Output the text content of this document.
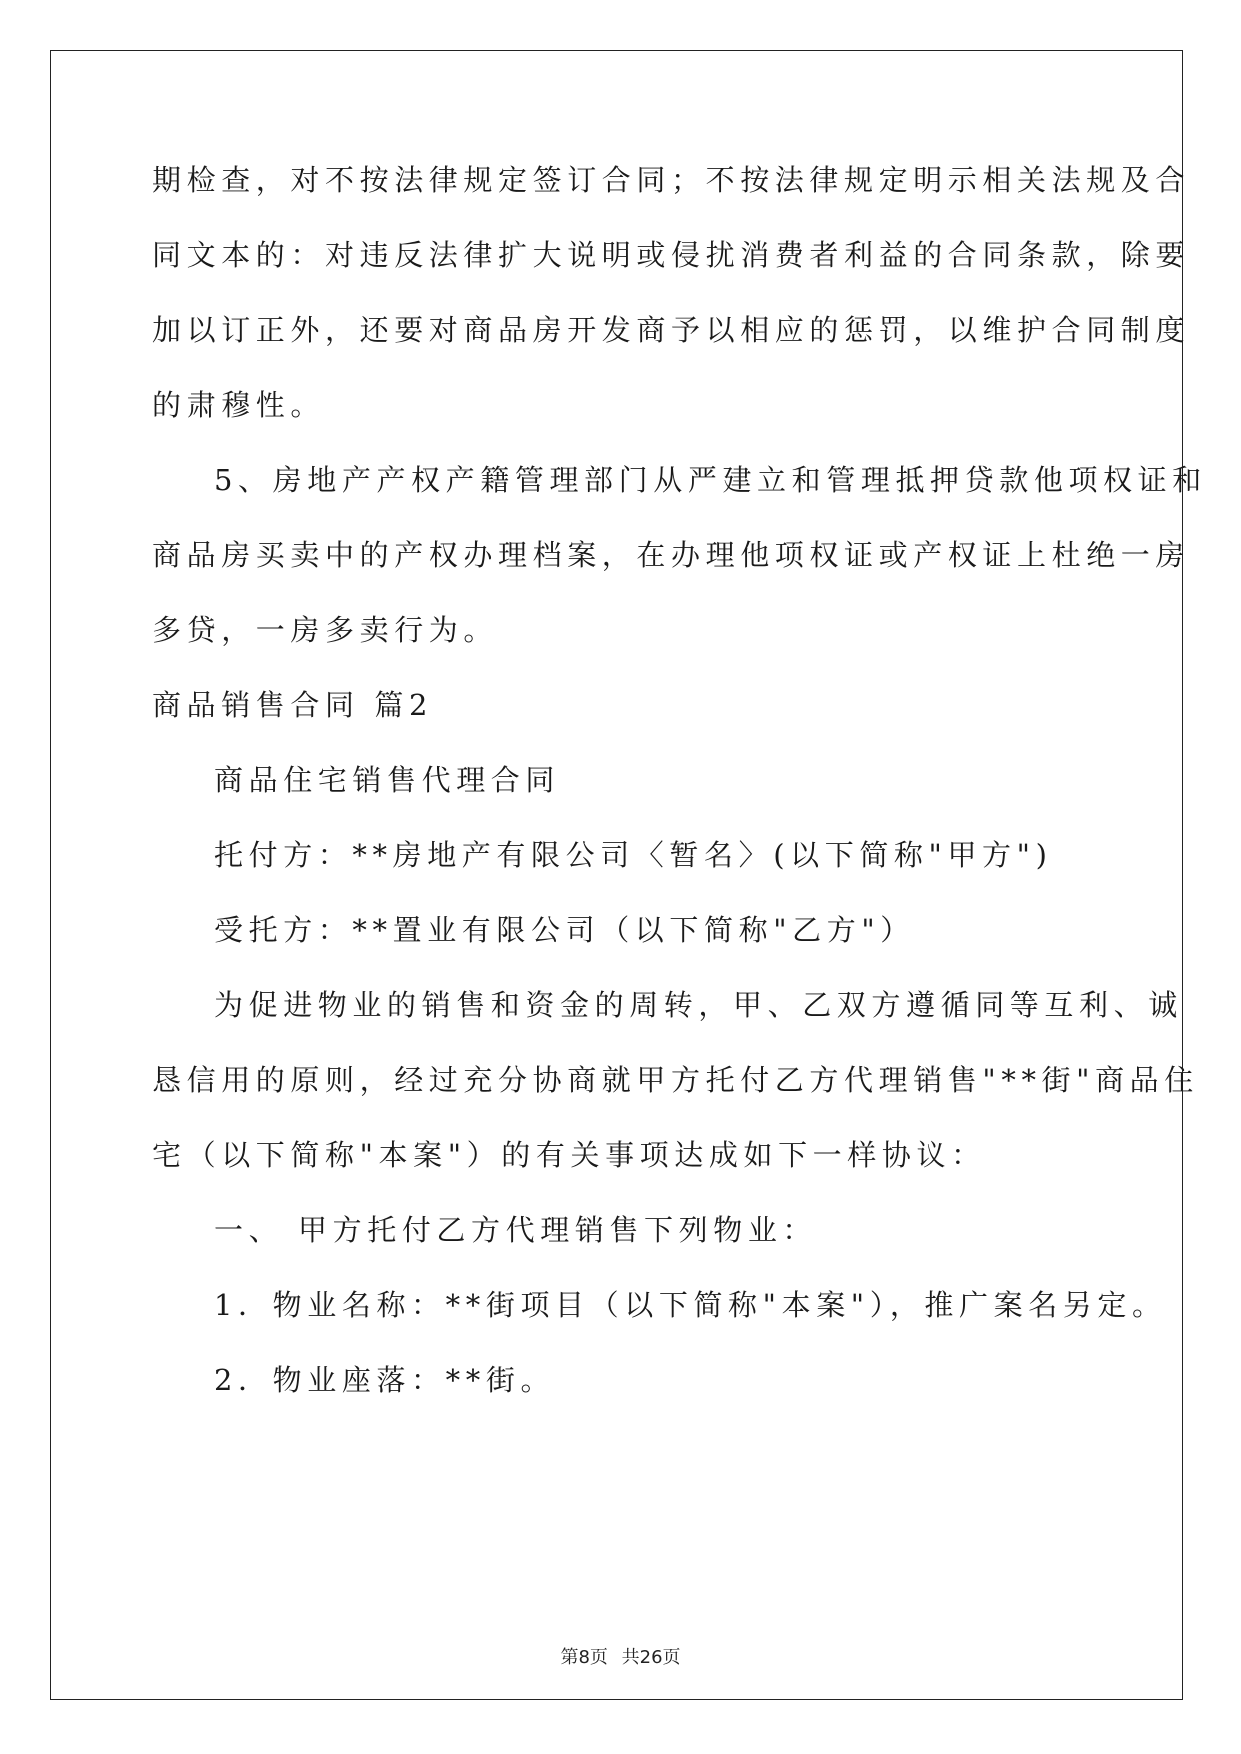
期检查，对不按法律规定签订合同；不按法律规定明示相关法规及合
同文本的：对违反法律扩大说明或侵扰消费者利益的合同条款，除要
加以订正外，还要对商品房开发商予以相应的惩罚，以维护合同制度
的肃穆性。
5、房地产产权产籍管理部门从严建立和管理抵押贷款他项权证和
商品房买卖中的产权办理档案，在办理他项权证或产权证上杜绝一房
多贷，一房多卖行为。
商品销售合同 篇2
商品住宅销售代理合同
托付方：**房地产有限公司〈暂名〉(以下简称"甲方")
受托方：**置业有限公司（以下简称"乙方"）
为促进物业的销售和资金的周转，甲、乙双方遵循同等互利、诚
恳信用的原则，经过充分协商就甲方托付乙方代理销售"**街"商品住
宅（以下简称"本案"）的有关事项达成如下一样协议：
一、 甲方托付乙方代理销售下列物业：
1．物业名称：**街项目（以下简称"本案"），推广案名另定。
2．物业座落：**街。
第8页 共26页
